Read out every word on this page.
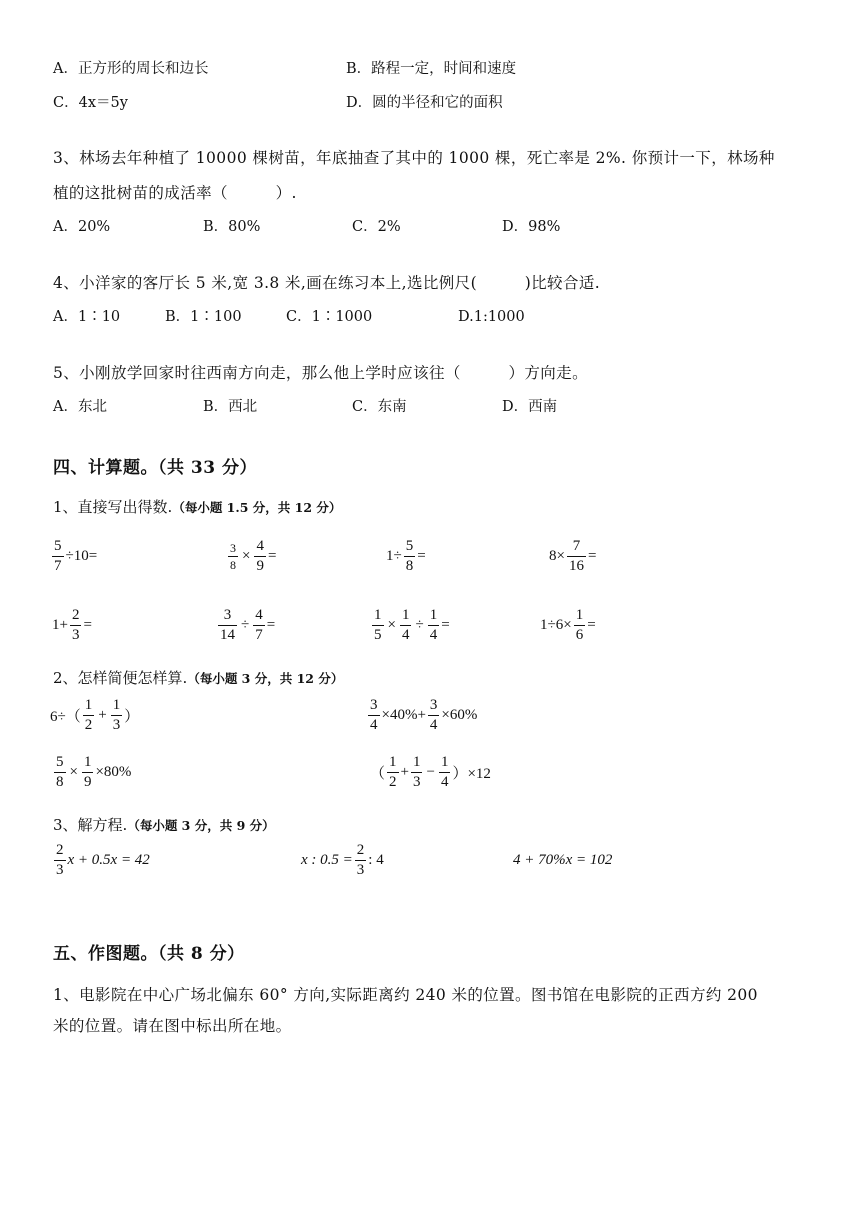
A．正方形的周长和边长	B．路程一定，时间和速度
C．4x＝5y	D．圆的半径和它的面积
3、林场去年种植了 10000 棵树苗，年底抽查了其中的 1000 棵，死亡率是 2%. 你预计一下，林场种
植的这批树苗的成活率（　　　）.
A．20%	B．80%	C．2%	D．98%
4、小洋家的客厅长 5 米,宽 3.8 米,画在练习本上,选比例尺(　　　)比较合适.
A．1∶10	B．1∶100	C．1∶1000	D.1:1000
5、小刚放学回家时往西南方向走，那么他上学时应该往（　　　）方向走。
A．东北	B．西北	C．东南	D．西南
四、计算题。（共 33 分）
1、直接写出得数.（每小题 1.5 分，共 12 分）
$\frac{5}{7} \div 10=$	$\frac{3}{8} \times \frac{4}{9}$ =	$1\div \frac{5}{8}$ =	$8\times \frac{7}{16}$ =
$1+ \frac{2}{3}$ =	$\frac{3}{14} \div \frac{4}{7}$ =	$\frac{1}{5} \times \frac{1}{4} \div \frac{1}{4}$ =	$1\div 6\times \frac{1}{6}$ =
2、怎样简便怎样算.（每小题 3 分，共 12 分）
$6\div( \frac{1}{2} + \frac{1}{3}$ ）	$\frac{3}{4} \times 40\%+ \frac{3}{4} \times 60\%$
$\frac{5}{8} \times \frac{1}{9} \times 80\%$	（ $\frac{1}{2} + \frac{1}{3} - \frac{1}{4} )\times 12$
3、解方程.（每小题 3 分，共 9 分）
$\frac{2}{3}$ x + 0.5x = 42	x : $0.5 = \frac{2}{3}$ : 4	4 + 70%x = 102
五、作图题。（共 8 分）
1、电影院在中心广场北偏东 60° 方向,实际距离约 240 米的位置。图书馆在电影院的正西方约 200
米的位置。请在图中标出所在地。
